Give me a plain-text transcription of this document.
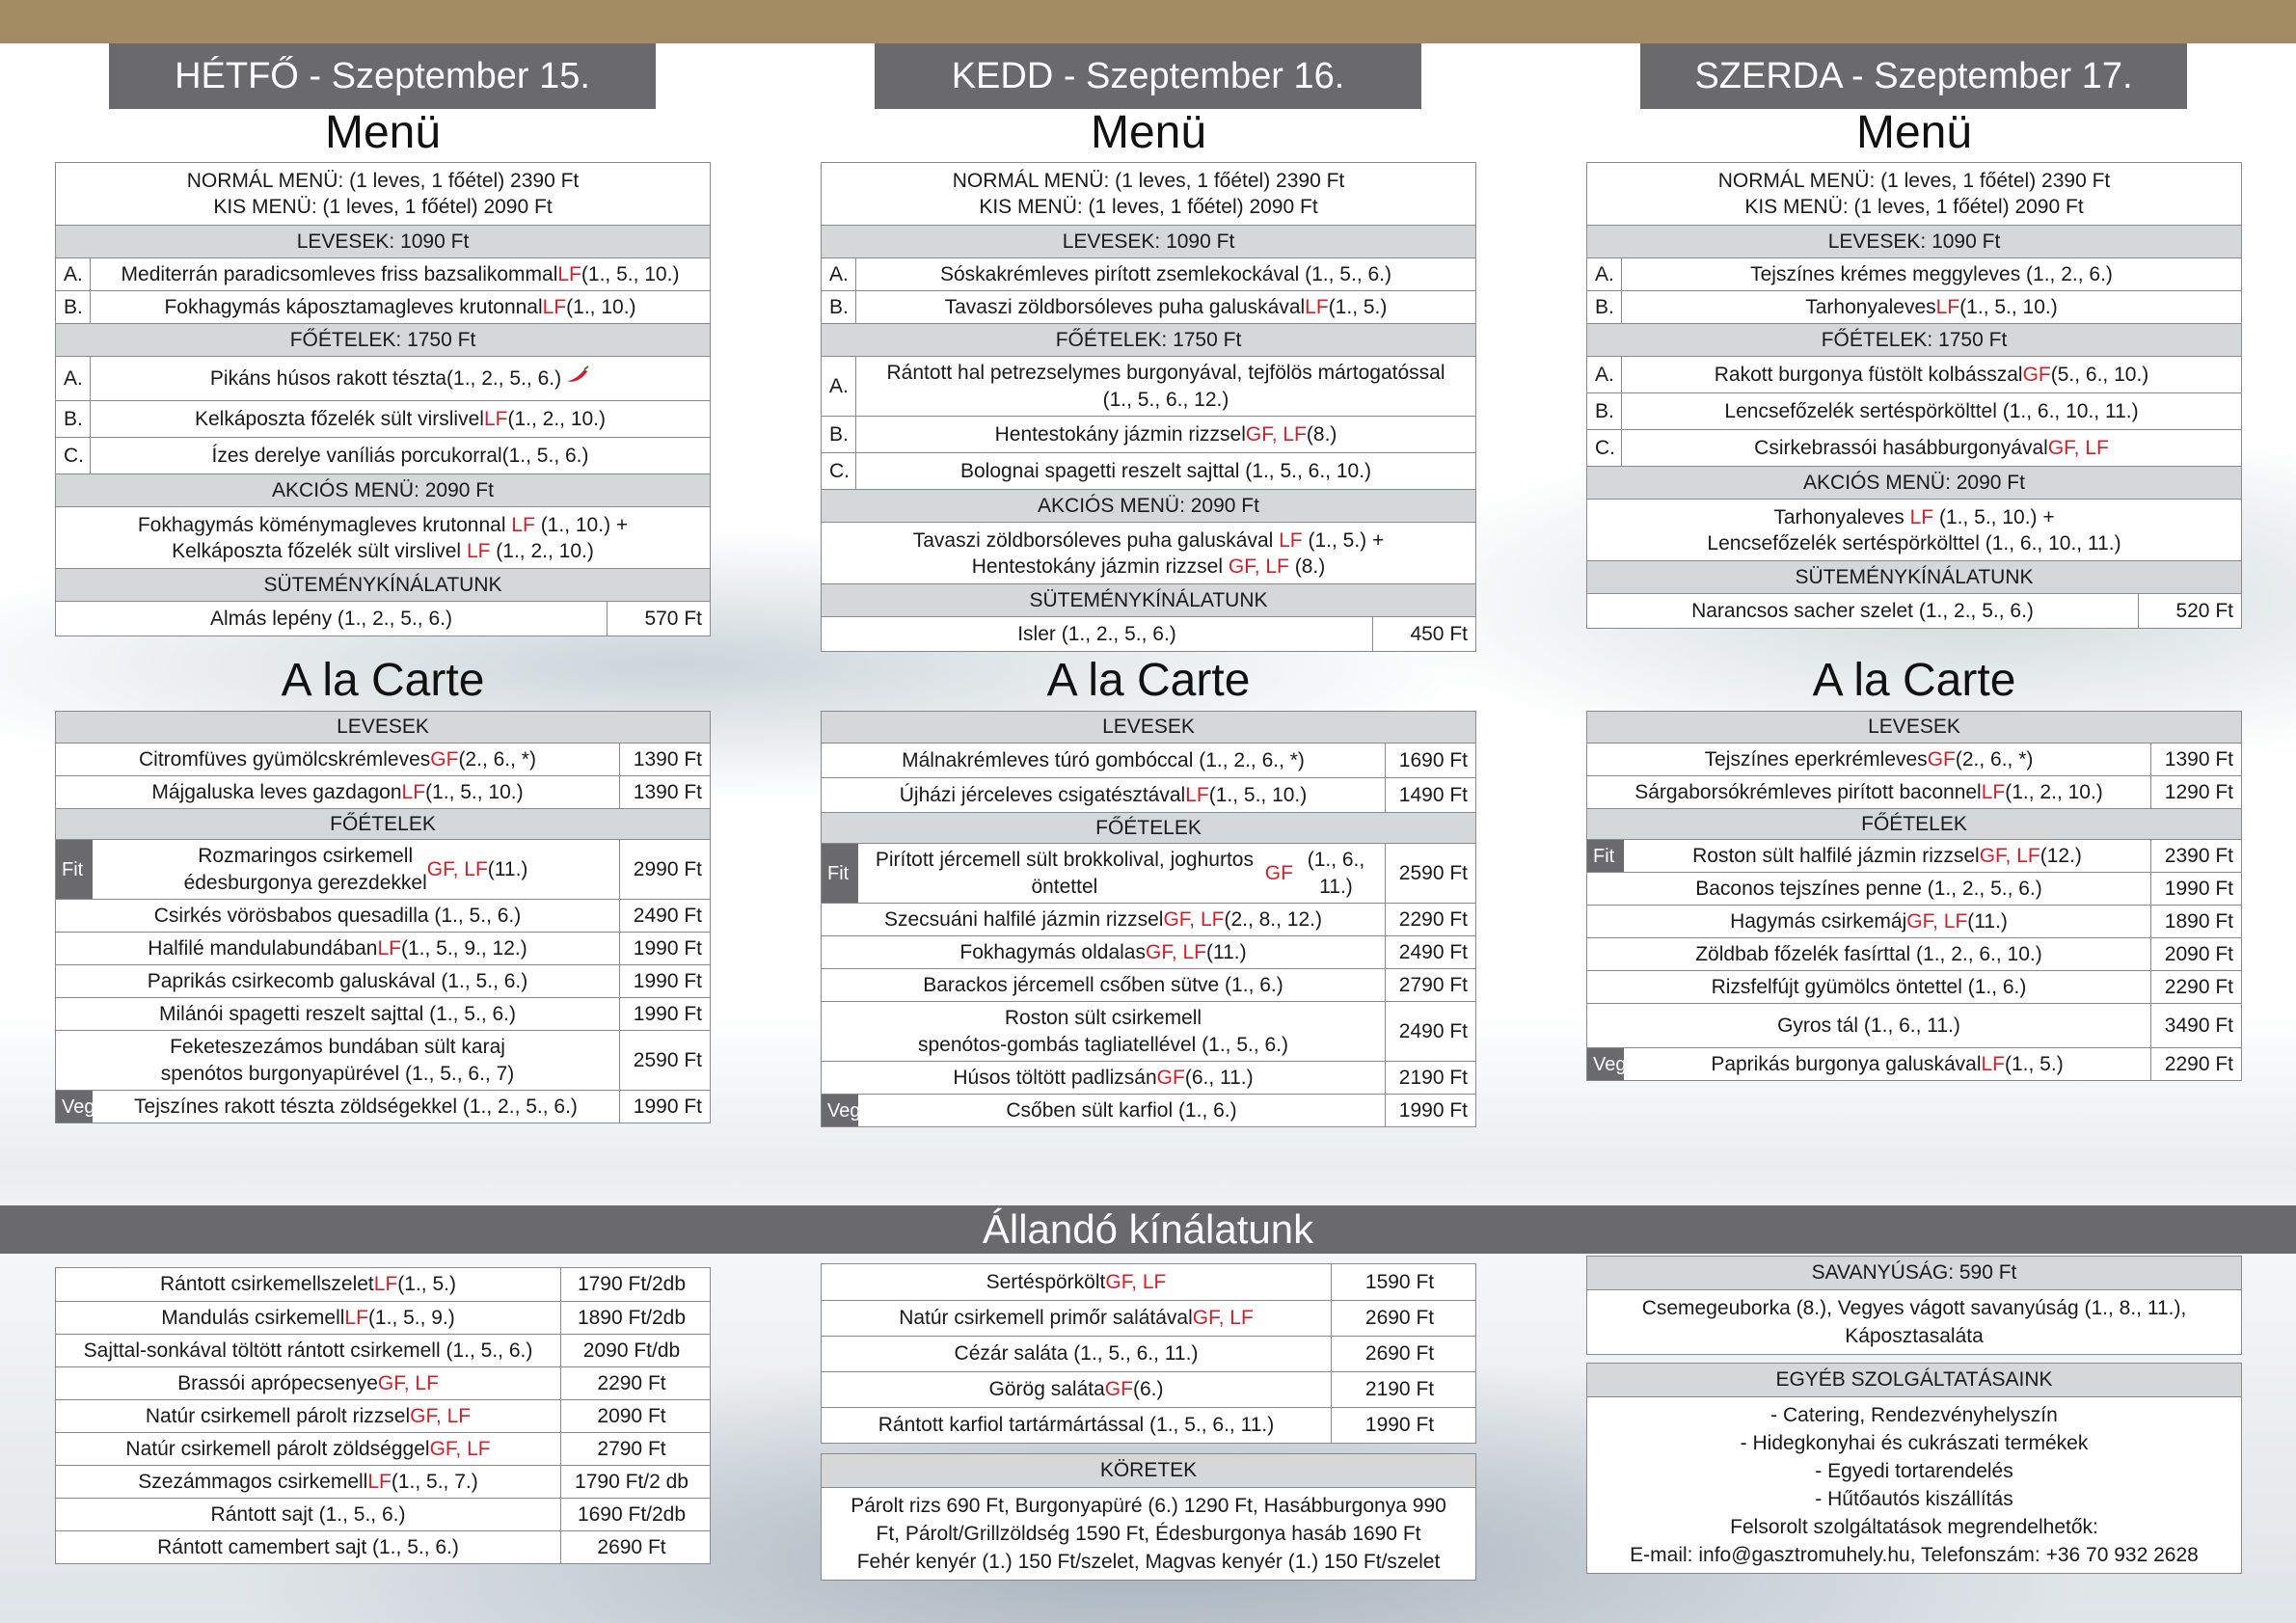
HÉTFŐ - Szeptember 15.
Menü
NORMÁL MENÜ: (1 leves, 1 főétel) 2390 Ft
KIS MENÜ: (1 leves, 1 főétel) 2090 Ft
LEVESEK: 1090 Ft
A.	Mediterrán paradicsomleves friss bazsalikommal LF (1., 5., 10.)
B.	Fokhagymás káposztamagleves krutonnal LF (1., 10.)
FŐÉTELEK: 1750 Ft
A.	Pikáns húsos rakott tészta (1., 2., 5., 6.)
B.	Kelkáposzta főzelék sült virslivel LF (1., 2., 10.)
C.	Ízes derelye vaníliás porcukorral (1., 5., 6.)
AKCIÓS MENÜ: 2090 Ft
Fokhagymás köménymagleves krutonnal LF (1., 10.) +
Kelkáposzta főzelék sült virslivel LF (1., 2., 10.)
SÜTEMÉNYKÍNÁLATUNK
Almás lepény (1., 2., 5., 6.)	570 Ft
A la Carte
LEVESEK
Citromfüves gyümölcskrémleves GF (2., 6., *)	1390 Ft
Májgaluska leves gazdagon LF (1., 5., 10.)	1390 Ft
FŐÉTELEK
Fit
Rozmaringos csirkemell
édesburgonya gerezdekkel
GF, LF (11.)	2990 Ft
Csirkés vörösbabos quesadilla (1., 5., 6.)	2490 Ft
Halfilé mandulabundában LF (1., 5., 9., 12.)	1990 Ft
Paprikás csirkecomb galuskával (1., 5., 6.)	1990 Ft
Milánói spagetti reszelt sajttal (1., 5., 6.)	1990 Ft
Feketeszezámos bundában sült karaj
spenótos burgonyapürével (1., 5., 6., 7)
2590 Ft
Veg Tejszínes rakott tészta zöldségekkel (1., 2., 5., 6.)	1990 Ft
KEDD - Szeptember 16.
Menü
NORMÁL MENÜ: (1 leves, 1 főétel) 2390 Ft
KIS MENÜ: (1 leves, 1 főétel) 2090 Ft
LEVESEK: 1090 Ft
A.	Sóskakrémleves pirított zsemlekockával (1., 5., 6.)
B.	Tavaszi zöldborsóleves puha galuskával LF (1., 5.)
FŐÉTELEK: 1750 Ft
A.
Rántott hal petrezselymes burgonyával, tejfölös mártogatóssal
(1., 5., 6., 12.)
B.	Hentestokány jázmin rizzsel GF, LF (8.)
C.	Bolognai spagetti reszelt sajttal (1., 5., 6., 10.)
AKCIÓS MENÜ: 2090 Ft
Tavaszi zöldborsóleves puha galuskával LF (1., 5.) +
Hentestokány jázmin rizzsel GF, LF (8.)
SÜTEMÉNYKÍNÁLATUNK
Isler (1., 2., 5., 6.)	450 Ft
A la Carte
LEVESEK
Málnakrémleves túró gombóccal (1., 2., 6., *)	1690 Ft
Újházi jérceleves csigatésztával LF (1., 5., 10.)	1490 Ft
FŐÉTELEK
Fit
Pirított jércemell sült brokkolival, joghurtos öntettel

GF
(1., 6., 11.)
2590 Ft
Szecsuáni halfilé jázmin rizzsel GF, LF (2., 8., 12.)	2290 Ft
Fokhagymás oldalas GF, LF (11.)	2490 Ft
Barackos jércemell csőben sütve (1., 6.)	2790 Ft
Roston sült csirkemell
spenótos-gombás tagliatellével (1., 5., 6.)
2490 Ft
Húsos töltött padlizsán GF (6., 11.)	2190 Ft
Veg	Csőben sült karfiol (1., 6.)	1990 Ft
SZERDA - Szeptember 17.
Menü
NORMÁL MENÜ: (1 leves, 1 főétel) 2390 Ft
KIS MENÜ: (1 leves, 1 főétel) 2090 Ft
LEVESEK: 1090 Ft
A.	Tejszínes krémes meggyleves (1., 2., 6.)
B.	Tarhonyaleves LF (1., 5., 10.)
FŐÉTELEK: 1750 Ft
A.	Rakott burgonya füstölt kolbásszal GF (5., 6., 10.)
B.	Lencsefőzelék sertéspörkölttel (1., 6., 10., 11.)
C.	Csirkebrassói hasábburgonyával GF, LF
AKCIÓS MENÜ: 2090 Ft
Tarhonyaleves LF (1., 5., 10.) +
Lencsefőzelék sertéspörkölttel (1., 6., 10., 11.)
SÜTEMÉNYKÍNÁLATUNK
Narancsos sacher szelet (1., 2., 5., 6.)	520 Ft
A la Carte
LEVESEK
Tejszínes eperkrémleves GF (2., 6., *)	1390 Ft
Sárgaborsókrémleves pirított baconnel LF (1., 2., 10.)	1290 Ft
FŐÉTELEK
Fit	Roston sült halfilé jázmin rizzsel GF, LF (12.)	2390 Ft
Baconos tejszínes penne (1., 2., 5., 6.)	1990 Ft
Hagymás csirkemáj GF, LF (11.)	1890 Ft
Zöldbab főzelék fasírttal (1., 2., 6., 10.)	2090 Ft
Rizsfelfújt gyümölcs öntettel (1., 6.)	2290 Ft
Gyros tál (1., 6., 11.)	3490 Ft
Veg	Paprikás burgonya galuskával LF (1., 5.)	2290 Ft
Állandó kínálatunk
Rántott csirkemellszelet LF (1., 5.)	1790 Ft/2db
Mandulás csirkemell LF (1., 5., 9.)	1890 Ft/2db
Sajttal-sonkával töltött rántott csirkemell (1., 5., 6.)	2090 Ft/db
Brassói aprópecsenye GF, LF	2290 Ft
Natúr csirkemell párolt rizzsel GF, LF	2090 Ft
Natúr csirkemell párolt zöldséggel GF, LF	2790 Ft
Szezámmagos csirkemell LF (1., 5., 7.)	1790 Ft/2 db
Rántott sajt (1., 5., 6.)	1690 Ft/2db
Rántott camembert sajt (1., 5., 6.)	2690 Ft
Sertéspörkölt GF, LF	1590 Ft
Natúr csirkemell primőr salátával GF, LF	2690 Ft
Cézár saláta (1., 5., 6., 11.)	2690 Ft
Görög saláta GF (6.)	2190 Ft
Rántott karfiol tartármártással (1., 5., 6., 11.)	1990 Ft
KÖRETEK
Párolt rizs 690 Ft, Burgonyapüré (6.) 1290 Ft, Hasábburgonya 990
Ft, Párolt/Grillzöldség 1590 Ft, Édesburgonya hasáb 1690 Ft
Fehér kenyér (1.) 150 Ft/szelet, Magvas kenyér (1.) 150 Ft/szelet
SAVANYÚSÁG: 590 Ft
Csemegeuborka (8.), Vegyes vágott savanyúság (1., 8., 11.),
Káposztasaláta
EGYÉB SZOLGÁLTATÁSAINK
- Catering, Rendezvényhelyszín
- Hidegkonyhai és cukrászati termékek
- Egyedi tortarendelés
- Hűtőautós kiszállítás
Felsorolt szolgáltatások megrendelhetők:
E-mail: info@gasztromuhely.hu, Telefonszám: +36 70 932 2628
